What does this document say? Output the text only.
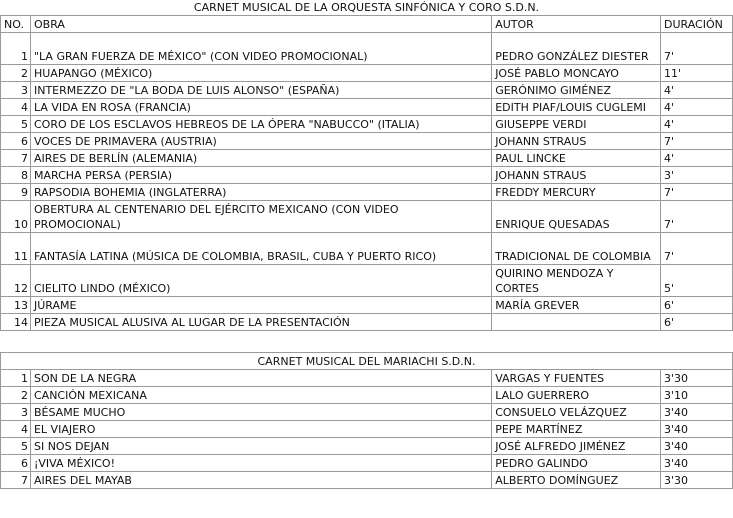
CARNET MUSICAL DE LA ORQUESTA SINFÓNICA Y CORO S.D.N.			
NO.	OBRA	AUTOR	DURACIÓN
1	"LA GRAN FUERZA DE MÉXICO" (CON VIDEO PROMOCIONAL)	PEDRO GONZÁLEZ DIESTER	7'
2	HUAPANGO (MÉXICO)	JOSÉ PABLO MONCAYO	11'
3	INTERMEZZO DE "LA BODA DE LUIS ALONSO" (ESPAÑA)	GERÓNIMO GIMÉNEZ	4'
4	LA VIDA EN ROSA (FRANCIA)	EDITH PIAF/LOUIS CUGLEMI	4'
5	CORO DE LOS ESCLAVOS HEBREOS DE LA ÓPERA "NABUCCO" (ITALIA)	GIUSEPPE VERDI	4'
6	VOCES DE PRIMAVERA (AUSTRIA)	JOHANN STRAUS	7'
7	AIRES DE BERLÍN (ALEMANIA)	PAUL LINCKE	4'
8	MARCHA PERSA (PERSIA)	JOHANN STRAUS	3'
9	RAPSODIA BOHEMIA (INGLATERRA)	FREDDY MERCURY	7'
10	OBERTURA AL CENTENARIO DEL EJÉRCITO MEXICANO (CON VIDEO PROMOCIONAL)	ENRIQUE QUESADAS	7'
11	FANTASÍA LATINA (MÚSICA DE COLOMBIA, BRASIL, CUBA Y PUERTO RICO)	TRADICIONAL DE COLOMBIA	7'
12	CIELITO LINDO (MÉXICO)	QUIRINO MENDOZA Y CORTES	5'
13	JÚRAME	MARÍA GREVER	6'
14	PIEZA MUSICAL ALUSIVA AL LUGAR DE LA PRESENTACIÓN		6'

CARNET MUSICAL DEL MARIACHI S.D.N.			
1	SON DE LA NEGRA	VARGAS Y FUENTES	3'30
2	CANCIÓN MEXICANA	LALO GUERRERO	3'10
3	BÉSAME MUCHO	CONSUELO VELÁZQUEZ	3'40
4	EL VIAJERO	PEPE MARTÍNEZ	3'40
5	SI NOS DEJAN	JOSÉ ALFREDO JIMÉNEZ	3'40
6	¡VIVA MÉXICO!	PEDRO GALINDO	3'40
7	AIRES DEL MAYAB	ALBERTO DOMÍNGUEZ	3'30
